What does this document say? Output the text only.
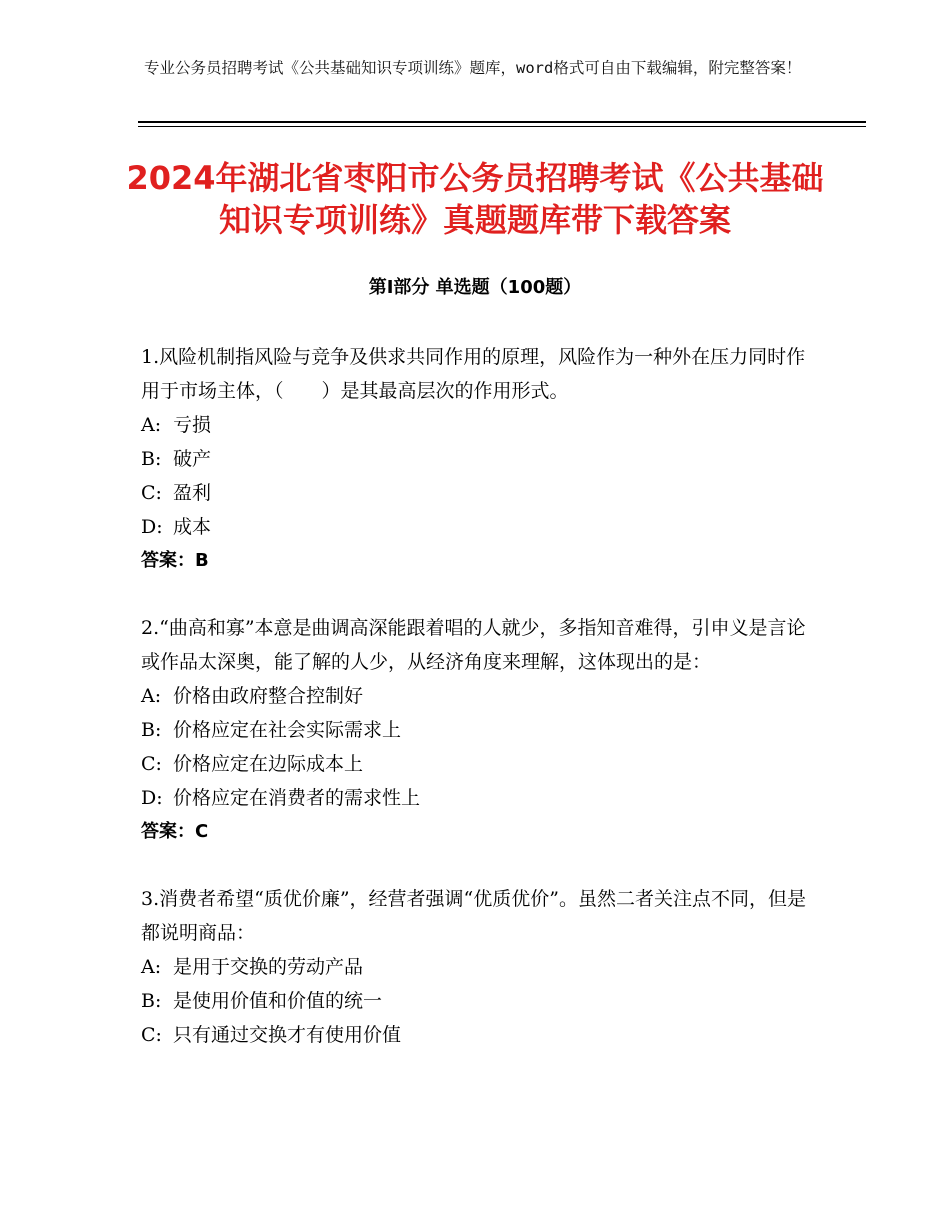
专业公务员招聘考试《公共基础知识专项训练》题库，word格式可自由下载编辑，附完整答案！
2024年湖北省枣阳市公务员招聘考试《公共基础知识专项训练》真题题库带下载答案
第Ⅰ部分 单选题（100题）
1.风险机制指风险与竞争及供求共同作用的原理，风险作为一种外在压力同时作用于市场主体，（　　）是其最高层次的作用形式。
A: 亏损
B: 破产
C: 盈利
D: 成本
答案：B
2.“曲高和寡”本意是曲调高深能跟着唱的人就少，多指知音难得，引申义是言论或作品太深奥，能了解的人少，从经济角度来理解，这体现出的是：
A: 价格由政府整合控制好
B: 价格应定在社会实际需求上
C: 价格应定在边际成本上
D: 价格应定在消费者的需求性上
答案：C
3.消费者希望“质优价廉”，经营者强调“优质优价”。虽然二者关注点不同，但是都说明商品：
A: 是用于交换的劳动产品
B: 是使用价值和价值的统一
C: 只有通过交换才有使用价值
